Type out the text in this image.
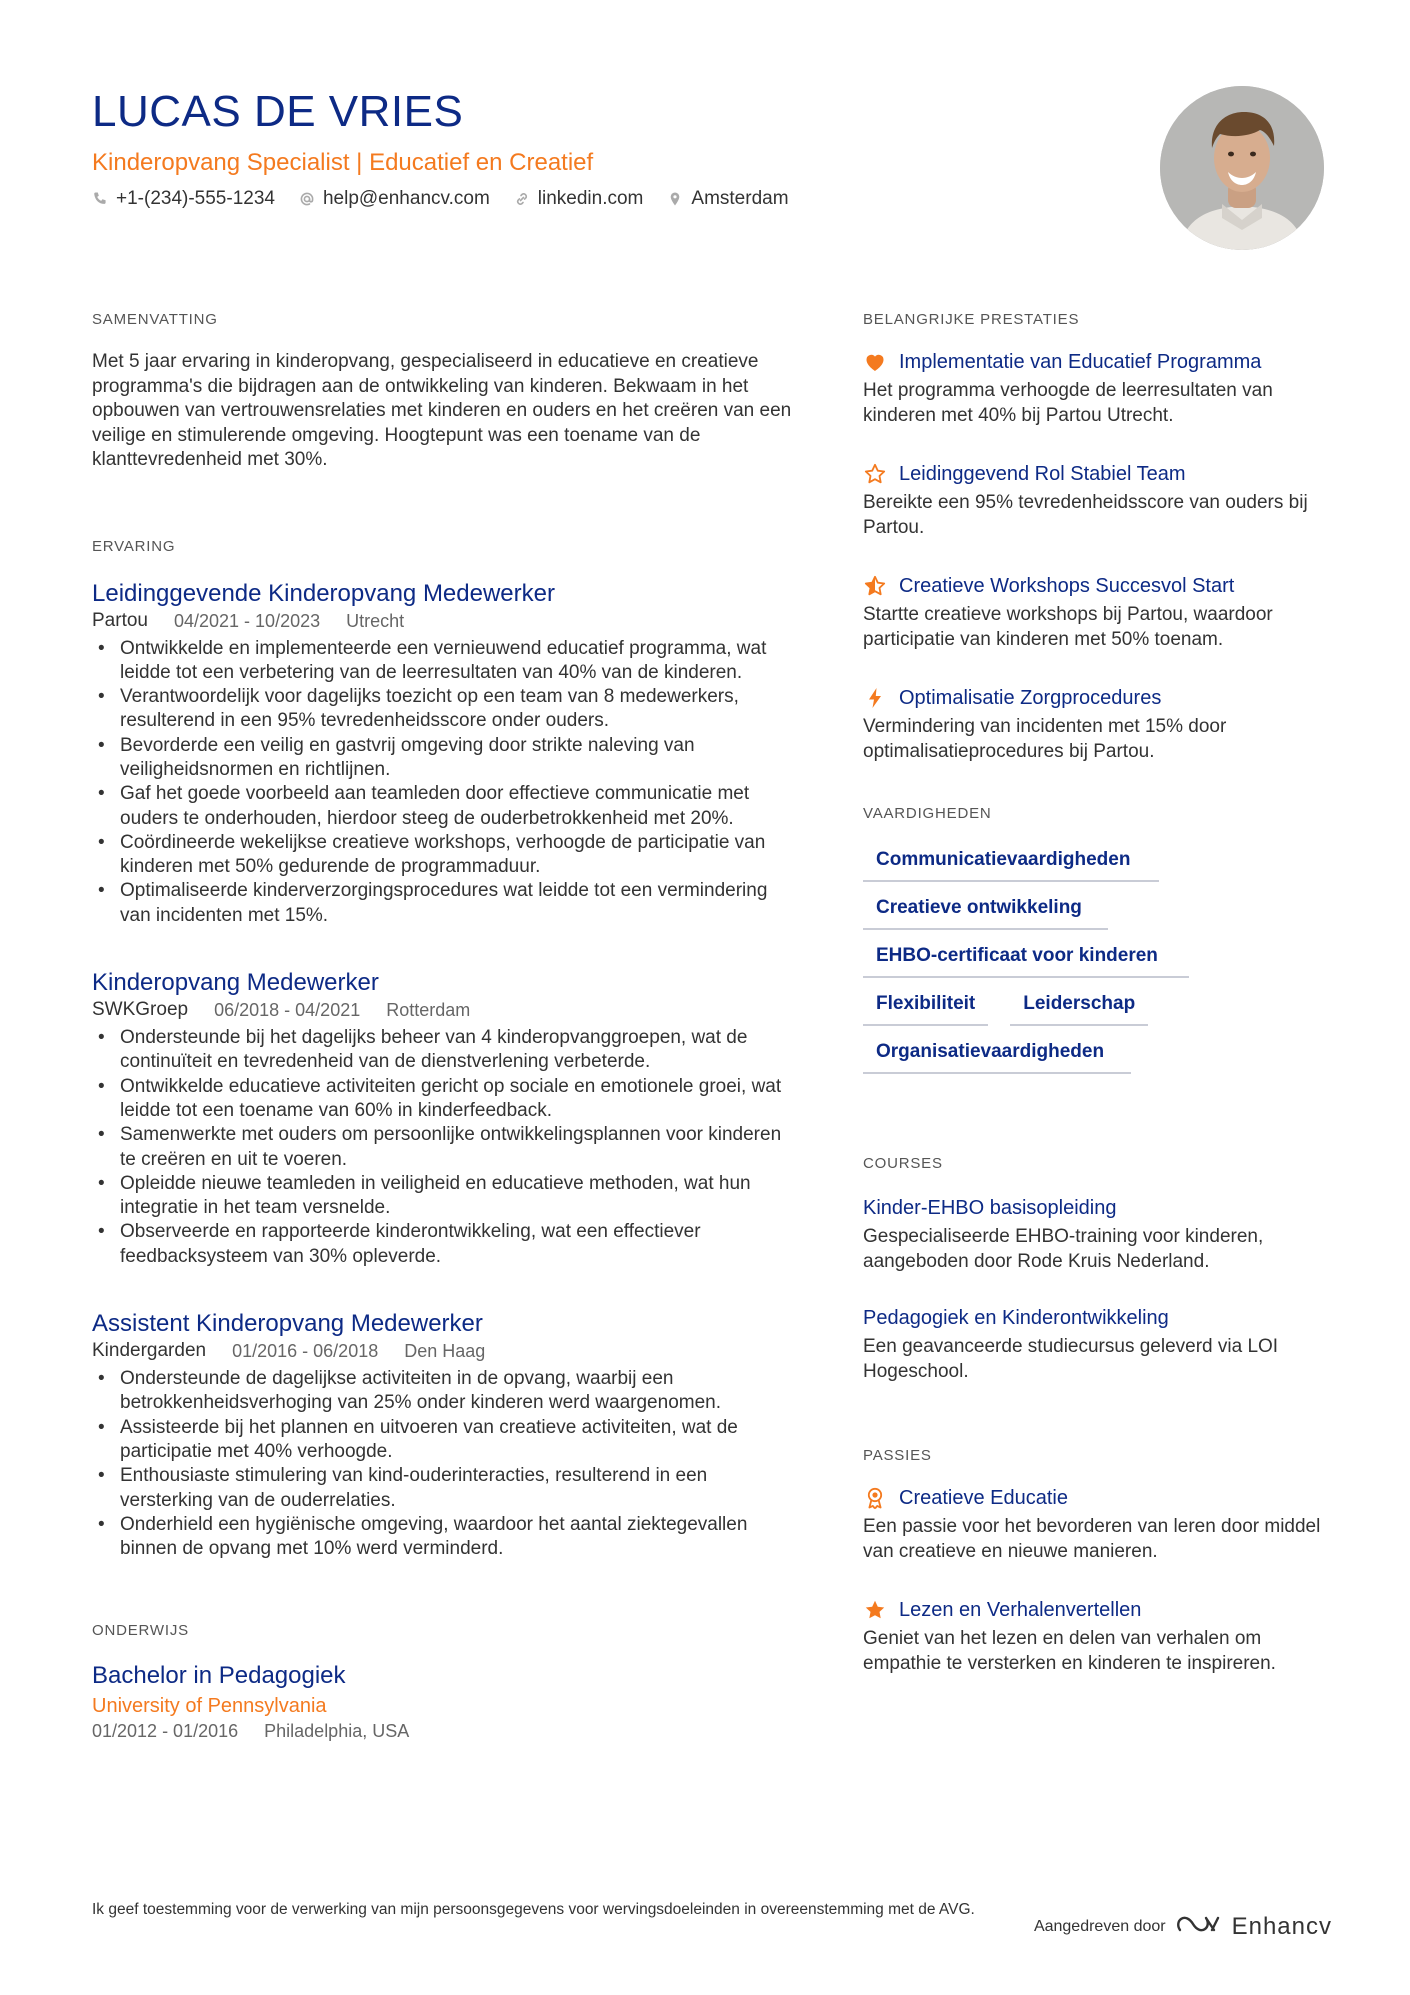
LUCAS DE VRIES
Kinderopvang Specialist | Educatief en Creatief
+1-(234)-555-1234	help@enhancv.com	linkedin.com	Amsterdam
SAMENVATTING
Met 5 jaar ervaring in kinderopvang, gespecialiseerd in educatieve en creatieve programma's die bijdragen aan de ontwikkeling van kinderen. Bekwaam in het opbouwen van vertrouwensrelaties met kinderen en ouders en het creëren van een veilige en stimulerende omgeving. Hoogtepunt was een toename van de klanttevredenheid met 30%.
ERVARING
Leidinggevende Kinderopvang Medewerker
Partou 04/2021 - 10/2023 Utrecht
• Ontwikkelde en implementeerde een vernieuwend educatief programma, wat leidde tot een verbetering van de leerresultaten van 40% van de kinderen.
• Verantwoordelijk voor dagelijks toezicht op een team van 8 medewerkers, resulterend in een 95% tevredenheidsscore onder ouders.
• Bevorderde een veilig en gastvrij omgeving door strikte naleving van veiligheidsnormen en richtlijnen.
• Gaf het goede voorbeeld aan teamleden door effectieve communicatie met ouders te onderhouden, hierdoor steeg de ouderbetrokkenheid met 20%.
• Coördineerde wekelijkse creatieve workshops, verhoogde de participatie van kinderen met 50% gedurende de programmaduur.
• Optimaliseerde kinderverzorgingsprocedures wat leidde tot een vermindering van incidenten met 15%.
Kinderopvang Medewerker
SWKGroep 06/2018 - 04/2021 Rotterdam
• Ondersteunde bij het dagelijks beheer van 4 kinderopvanggroepen, wat de continuïteit en tevredenheid van de dienstverlening verbeterde.
• Ontwikkelde educatieve activiteiten gericht op sociale en emotionele groei, wat leidde tot een toename van 60% in kinderfeedback.
• Samenwerkte met ouders om persoonlijke ontwikkelingsplannen voor kinderen te creëren en uit te voeren.
• Opleidde nieuwe teamleden in veiligheid en educatieve methoden, wat hun integratie in het team versnelde.
• Observeerde en rapporteerde kinderontwikkeling, wat een effectiever feedbacksysteem van 30% opleverde.
Assistent Kinderopvang Medewerker
Kindergarden 01/2016 - 06/2018 Den Haag
• Ondersteunde de dagelijkse activiteiten in de opvang, waarbij een betrokkenheidsverhoging van 25% onder kinderen werd waargenomen.
• Assisteerde bij het plannen en uitvoeren van creatieve activiteiten, wat de participatie met 40% verhoogde.
• Enthousiaste stimulering van kind-ouderinteracties, resulterend in een versterking van de ouderrelaties.
• Onderhield een hygiënische omgeving, waardoor het aantal ziektegevallen binnen de opvang met 10% werd verminderd.
ONDERWIJS
Bachelor in Pedagogiek
University of Pennsylvania
01/2012 - 01/2016 Philadelphia, USA
BELANGRIJKE PRESTATIES
Implementatie van Educatief Programma
Het programma verhoogde de leerresultaten van kinderen met 40% bij Partou Utrecht.
Leidinggevend Rol Stabiel Team
Bereikte een 95% tevredenheidsscore van ouders bij Partou.
Creatieve Workshops Succesvol Start
Startte creatieve workshops bij Partou, waardoor participatie van kinderen met 50% toenam.
Optimalisatie Zorgprocedures
Vermindering van incidenten met 15% door optimalisatieprocedures bij Partou.
VAARDIGHEDEN
Communicatievaardigheden
Creatieve ontwikkeling
EHBO-certificaat voor kinderen
Flexibiliteit	Leiderschap
Organisatievaardigheden
COURSES
Kinder-EHBO basisopleiding
Gespecialiseerde EHBO-training voor kinderen, aangeboden door Rode Kruis Nederland.
Pedagogiek en Kinderontwikkeling
Een geavanceerde studiecursus geleverd via LOI Hogeschool.
PASSIES
Creatieve Educatie
Een passie voor het bevorderen van leren door middel van creatieve en nieuwe manieren.
Lezen en Verhalenvertellen
Geniet van het lezen en delen van verhalen om empathie te versterken en kinderen te inspireren.
Ik geef toestemming voor de verwerking van mijn persoonsgegevens voor wervingsdoeleinden in overeenstemming met de AVG.
Aangedreven door	Enhancv
